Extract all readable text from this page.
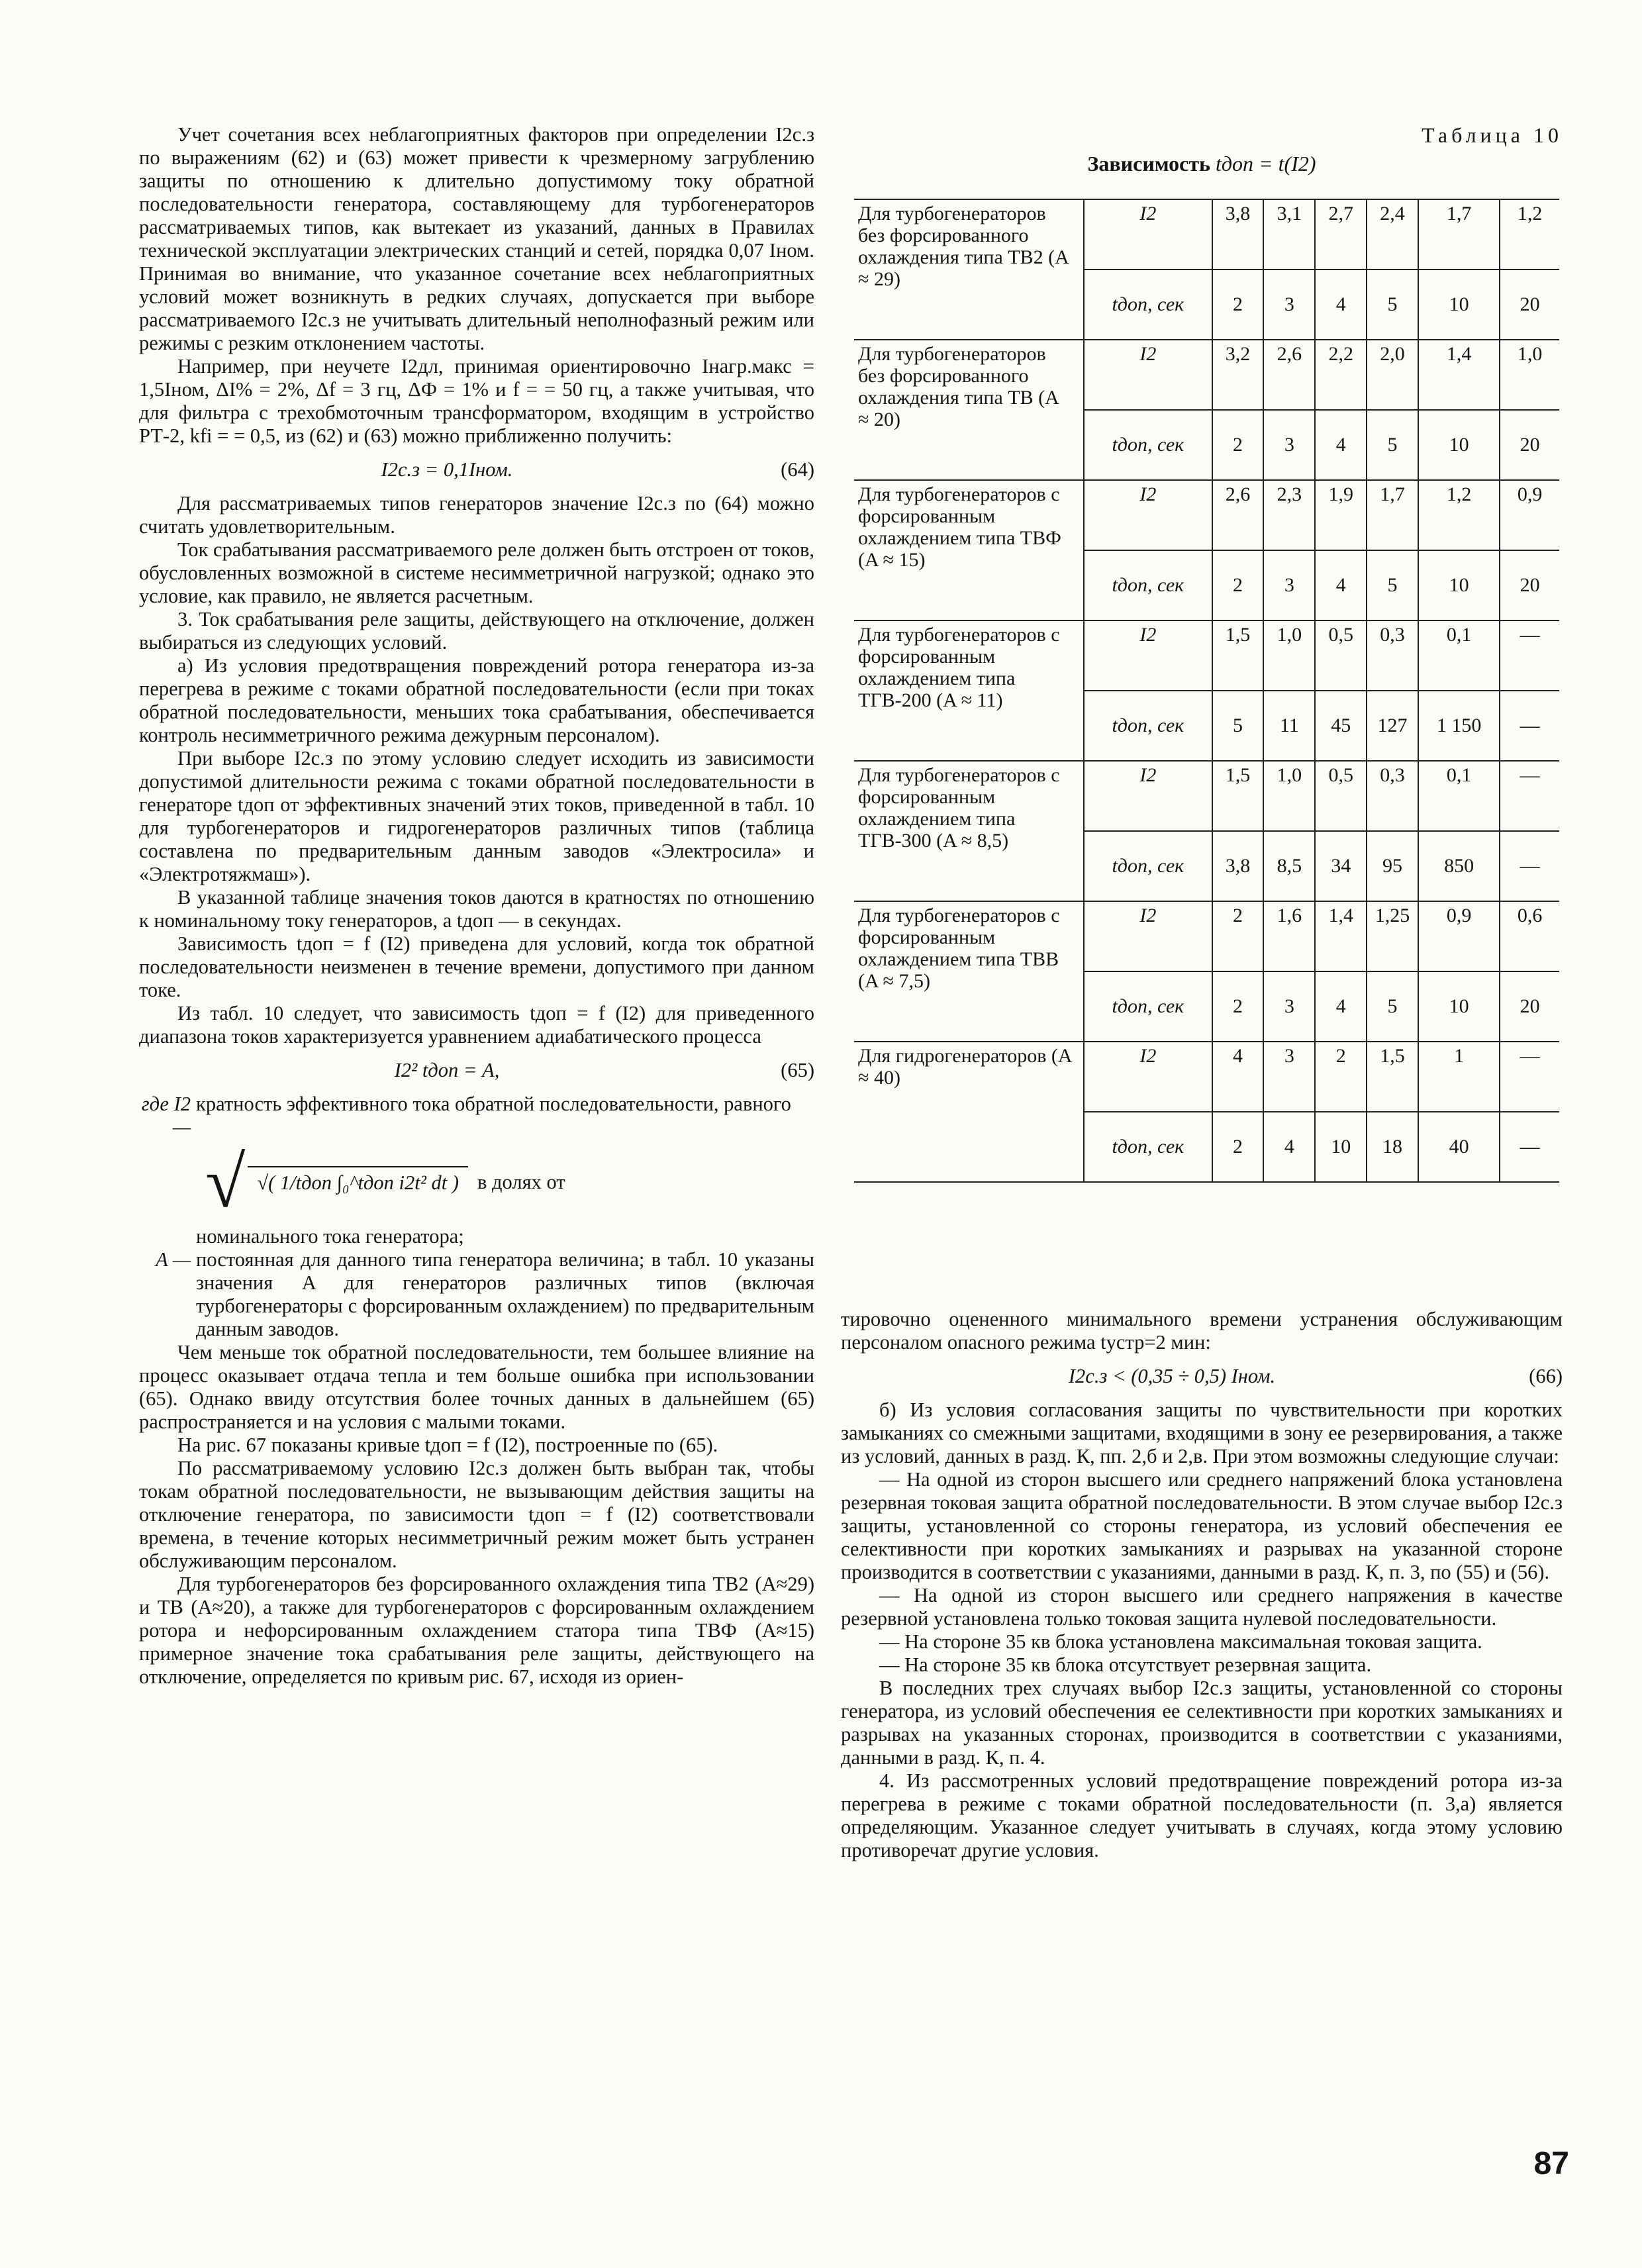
Учет сочетания всех неблагоприятных факторов при определении I2с.з по выражениям (62) и (63) может привести к чрезмерному загрублению защиты по отношению к длительно допустимому току обратной последовательности генератора, составляющему для турбогенераторов рассматриваемых типов, как вытекает из указаний, данных в Правилах технической эксплуатации электрических станций и сетей, порядка 0,07 Iном. Принимая во внимание, что указанное сочетание всех неблагоприятных условий может возникнуть в редких случаях, допускается при выборе рассматриваемого I2с.з не учитывать длительный неполнофазный режим или режимы с резким отклонением частоты.

Например, при неучете I2дл, принимая ориентировочно Iнагр.макс = 1,5Iном, ΔI% = 2%, Δf = 3 гц, ΔФ = 1% и f = = 50 гц, а также учитывая, что для фильтра с трехобмоточным трансформатором, входящим в устройство РТ-2, kfi = = 0,5, из (62) и (63) можно приближенно получить:

I2с.з = 0,1Iном.	(64)

Для рассматриваемых типов генераторов значение I2с.з по (64) можно считать удовлетворительным.

Ток срабатывания рассматриваемого реле должен быть отстроен от токов, обусловленных возможной в системе несимметричной нагрузкой; однако это условие, как правило, не является расчетным.

3. Ток срабатывания реле защиты, действующего на отключение, должен выбираться из следующих условий.

а) Из условия предотвращения повреждений ротора генератора из-за перегрева в режиме с токами обратной последовательности (если при токах обратной последовательности, меньших тока срабатывания, обеспечивается контроль несимметричного режима дежурным персоналом).

При выборе I2с.з по этому условию следует исходить из зависимости допустимой длительности режима с токами обратной последовательности в генераторе tдоп от эффективных значений этих токов, приведенной в табл. 10 для турбогенераторов и гидрогенераторов различных типов (таблица составлена по предварительным данным заводов «Электросила» и «Электротяжмаш»).

В указанной таблице значения токов даются в кратностях по отношению к номинальному току генераторов, а tдоп — в секундах.

Зависимость tдоп = f (I2) приведена для условий, когда ток обратной последовательности неизменен в течение времени, допустимого при данном токе.

Из табл. 10 следует, что зависимость tдоп = f (I2) для приведенного диапазона токов характеризуется уравнением адиабатического процесса

I2² tдоп = A,	(65)
где I2 —
кратность эффективного тока обратной последовательности, равного
√ √( 1/tдоп ∫₀^tдоп i2t² dt ) в долях от

номинального тока генератора;

A — постоянная для данного типа генератора величина; в табл. 10 указаны значения A для генераторов различных типов (включая турбогенераторы с форсированным охлаждением) по предварительным данным заводов.

Чем меньше ток обратной последовательности, тем большее влияние на процесс оказывает отдача тепла и тем больше ошибка при использовании (65). Однако ввиду отсутствия более точных данных в дальнейшем (65) распространяется и на условия с малыми токами.

На рис. 67 показаны кривые tдоп = f (I2), построенные по (65).

По рассматриваемому условию I2с.з должен быть выбран так, чтобы токам обратной последовательности, не вызывающим действия защиты на отключение генератора, по зависимости tдоп = f (I2) соответствовали времена, в течение которых несимметричный режим может быть устранен обслуживающим персоналом.

Для турбогенераторов без форсированного охлаждения типа ТВ2 (A≈29) и ТВ (A≈20), а также для турбогенераторов с форсированным охлаждением ротора и нефорсированным охлаждением статора типа ТВФ (A≈15) примерное значение тока срабатывания реле защиты, действующего на отключение, определяется по кривым рис. 67, исходя из ориен-

Таблица 10
Зависимость tдоп = t(I2)
Для турбогенераторов без форсированного охлаждения типа ТВ2 (A ≈ 29)	I2	3,8	3,1	2,7	2,4	1,7	1,2
	tдоп, сек	2	3	4	5	10	20
Для турбогенераторов без форсированного охлаждения типа ТВ (A ≈ 20)	I2	3,2	2,6	2,2	2,0	1,4	1,0
	tдоп, сек	2	3	4	5	10	20
Для турбогенераторов с форсированным охлаждением типа ТВФ (A ≈ 15)	I2	2,6	2,3	1,9	1,7	1,2	0,9
	tдоп, сек	2	3	4	5	10	20
Для турбогенераторов с форсированным охлаждением типа ТГВ-200 (A ≈ 11)	I2	1,5	1,0	0,5	0,3	0,1	—
	tдоп, сек	5	11	45	127	1 150	—
Для турбогенераторов с форсированным охлаждением типа ТГВ-300 (A ≈ 8,5)	I2	1,5	1,0	0,5	0,3	0,1	—
	tдоп, сек	3,8	8,5	34	95	850	—
Для турбогенераторов с форсированным охлаждением типа ТВВ (A ≈ 7,5)	I2	2	1,6	1,4	1,25	0,9	0,6
	tдоп, сек	2	3	4	5	10	20
Для гидрогенераторов (A ≈ 40)	I2	4	3	2	1,5	1	—
	tдоп, сек	2	4	10	18	40	—

тировочно оцененного минимального времени устранения обслуживающим персоналом опасного режима tустр=2 мин:

I2с.з < (0,35 ÷ 0,5) Iном.	(66)

б) Из условия согласования защиты по чувствительности при коротких замыканиях со смежными защитами, входящими в зону ее резервирования, а также из условий, данных в разд. К, пп. 2,б и 2,в. При этом возможны следующие случаи:

— На одной из сторон высшего или среднего напряжений блока установлена резервная токовая защита обратной последовательности. В этом случае выбор I2с.з защиты, установленной со стороны генератора, из условий обеспечения ее селективности при коротких замыканиях и разрывах на указанной стороне производится в соответствии с указаниями, данными в разд. К, п. 3, по (55) и (56).

— На одной из сторон высшего или среднего напряжения в качестве резервной установлена только токовая защита нулевой последовательности.

— На стороне 35 кв блока установлена максимальная токовая защита.

— На стороне 35 кв блока отсутствует резервная защита.

В последних трех случаях выбор I2с.з защиты, установленной со стороны генератора, из условий обеспечения ее селективности при коротких замыканиях и разрывах на указанных сторонах, производится в соответствии с указаниями, данными в разд. К, п. 4.

4. Из рассмотренных условий предотвращение повреждений ротора из-за перегрева в режиме с токами обратной последовательности (п. 3,а) является определяющим. Указанное следует учитывать в случаях, когда этому условию противоречат другие условия.

87
